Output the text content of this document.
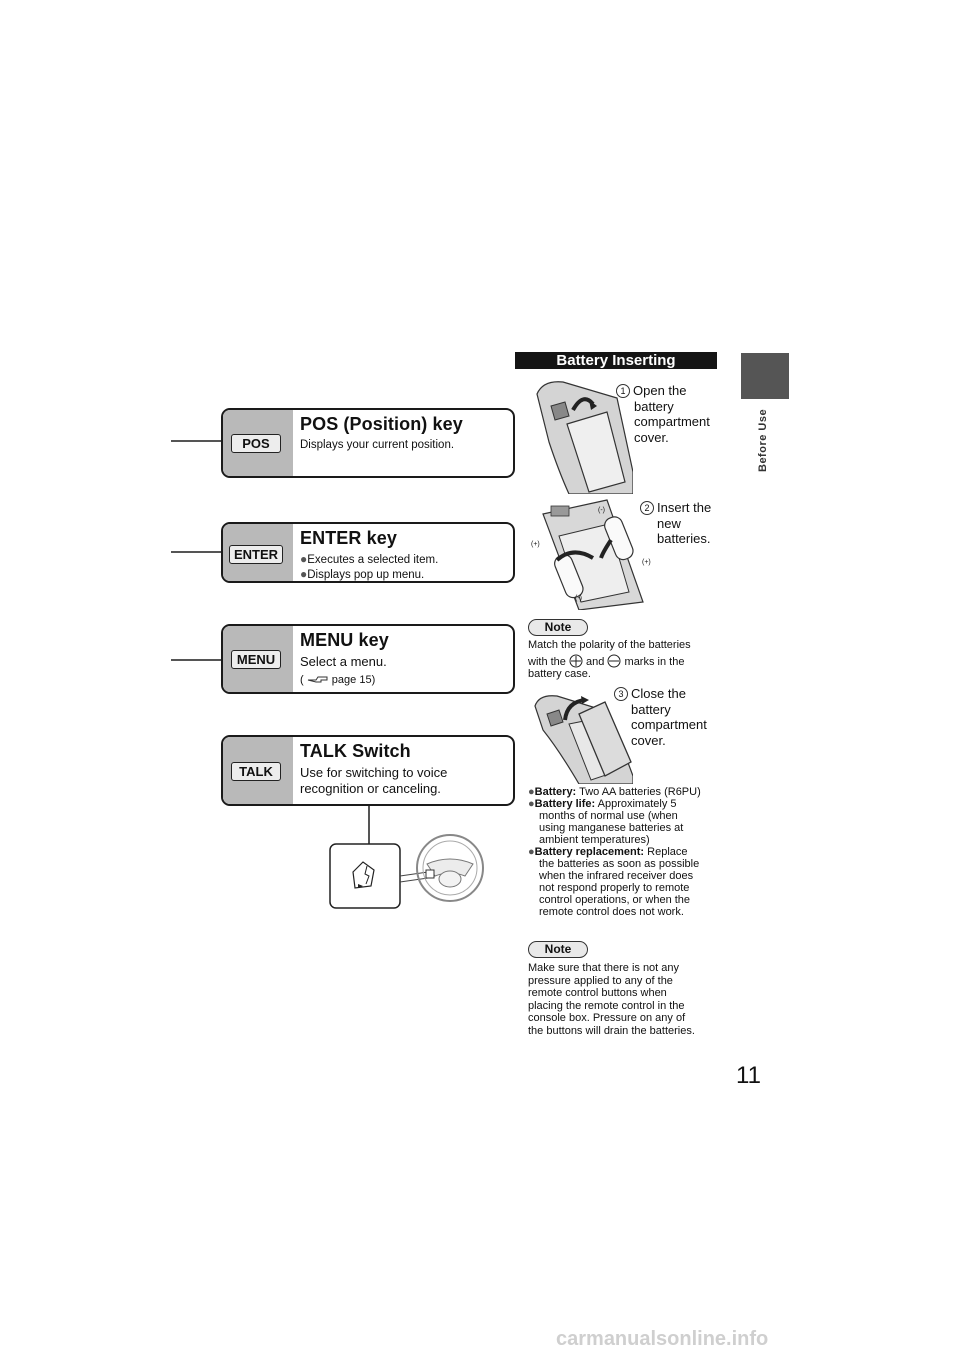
Before Use
POS
POS (Position) key
Displays your current position.
ENTER
ENTER key
●Executes a selected item.
●Displays pop up menu.
MENU
MENU key
Select a menu.
(  page 15)
TALK
TALK Switch
Use for switching to voice
recognition or canceling.
Battery Inserting
1 Open the
battery
compartment
cover.
(-)
(+)
(+)
(-)
2 Insert the
new
batteries.
Note
Match the polarity of the batteries
with the and marks in the
battery case.
3 Close the
battery
compartment
cover.
●Battery: Two AA batteries (R6PU)
●Battery life: Approximately 5
months of normal use (when
using manganese batteries at
ambient temperatures)
●Battery replacement: Replace
the batteries as soon as possible
when the infrared receiver does
not respond properly to remote
control operations, or when the
remote control does not work.
Note
Make sure that there is not any
pressure applied to any of the
remote control buttons when
placing the remote control in the
console box. Pressure on any of
the buttons will drain the batteries.
11
carmanualsonline.info
